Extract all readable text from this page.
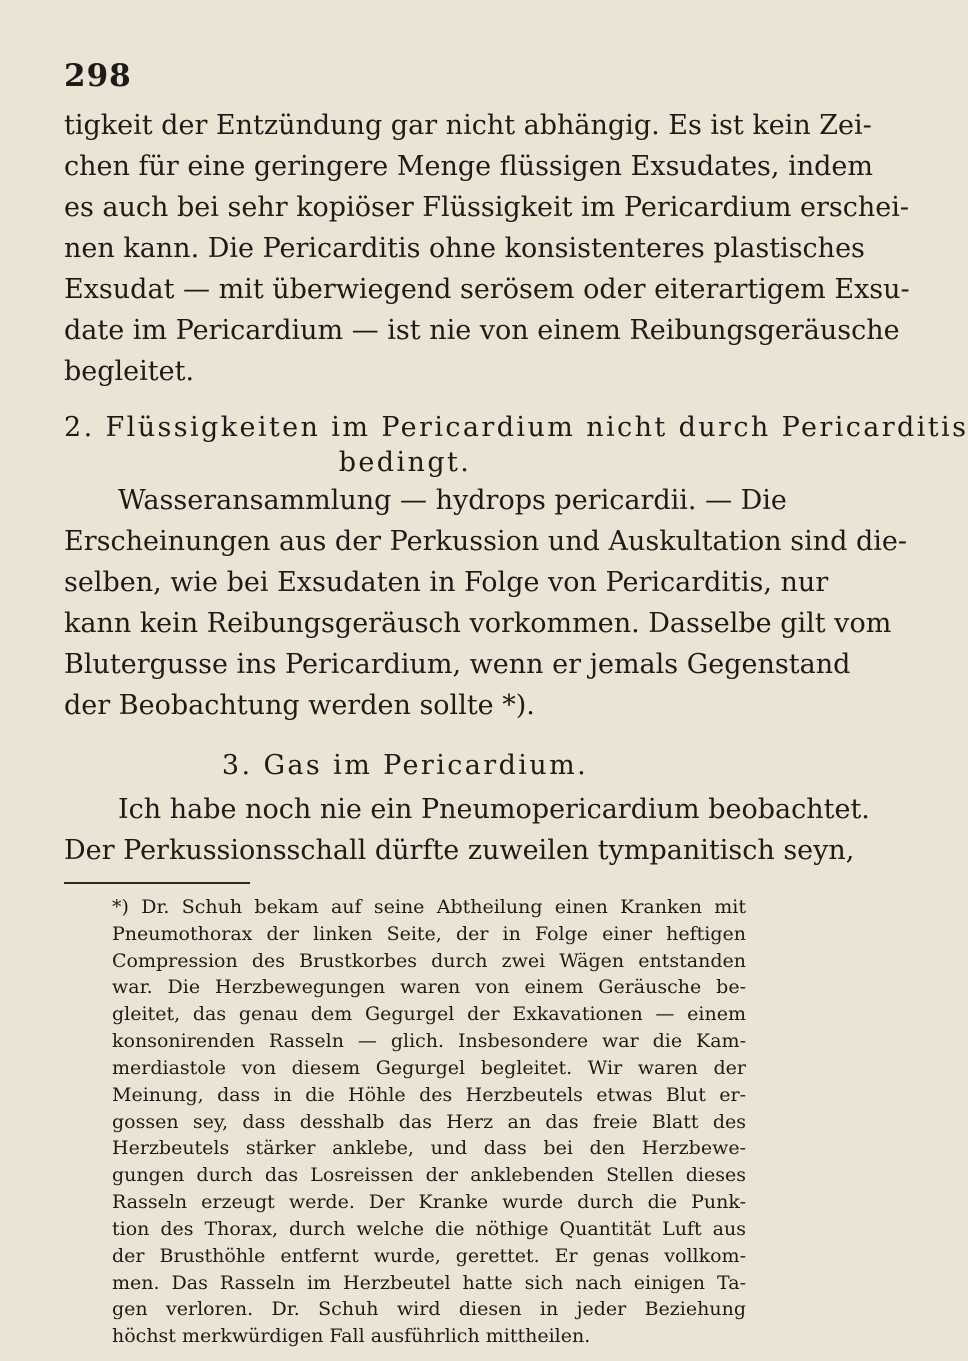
298
tigkeit der Entzündung gar nicht abhängig. Es ist kein Zei-
chen für eine geringere Menge flüssigen Exsudates, indem
es auch bei sehr kopiöser Flüssigkeit im Pericardium erschei-
nen kann. Die Pericarditis ohne konsistenteres plastisches
Exsudat — mit überwiegend serösem oder eiterartigem Exsu-
date im Pericardium — ist nie von einem Reibungsgeräusche
begleitet.
2. Flüssigkeiten im Pericardium nicht durch Pericarditis
bedingt.
Wasseransammlung — hydrops pericardii. — Die
Erscheinungen aus der Perkussion und Auskultation sind die-
selben, wie bei Exsudaten in Folge von Pericarditis, nur
kann kein Reibungsgeräusch vorkommen. Dasselbe gilt vom
Blutergusse ins Pericardium, wenn er jemals Gegenstand
der Beobachtung werden sollte *).
3. Gas im Pericardium.
Ich habe noch nie ein Pneumopericardium beobachtet.
Der Perkussionsschall dürfte zuweilen tympanitisch seyn,
*) Dr. Schuh bekam auf seine Abtheilung einen Kranken mit
Pneumothorax der linken Seite, der in Folge einer heftigen
Compression des Brustkorbes durch zwei Wägen entstanden
war. Die Herzbewegungen waren von einem Geräusche be-
gleitet, das genau dem Gegurgel der Exkavationen — einem
konsonirenden Rasseln — glich. Insbesondere war die Kam-
merdiastole von diesem Gegurgel begleitet. Wir waren der
Meinung, dass in die Höhle des Herzbeutels etwas Blut er-
gossen sey, dass desshalb das Herz an das freie Blatt des
Herzbeutels stärker anklebe, und dass bei den Herzbewe-
gungen durch das Losreissen der anklebenden Stellen dieses
Rasseln erzeugt werde. Der Kranke wurde durch die Punk-
tion des Thorax, durch welche die nöthige Quantität Luft aus
der Brusthöhle entfernt wurde, gerettet. Er genas vollkom-
men. Das Rasseln im Herzbeutel hatte sich nach einigen Ta-
gen verloren. Dr. Schuh wird diesen in jeder Beziehung
höchst merkwürdigen Fall ausführlich mittheilen.
